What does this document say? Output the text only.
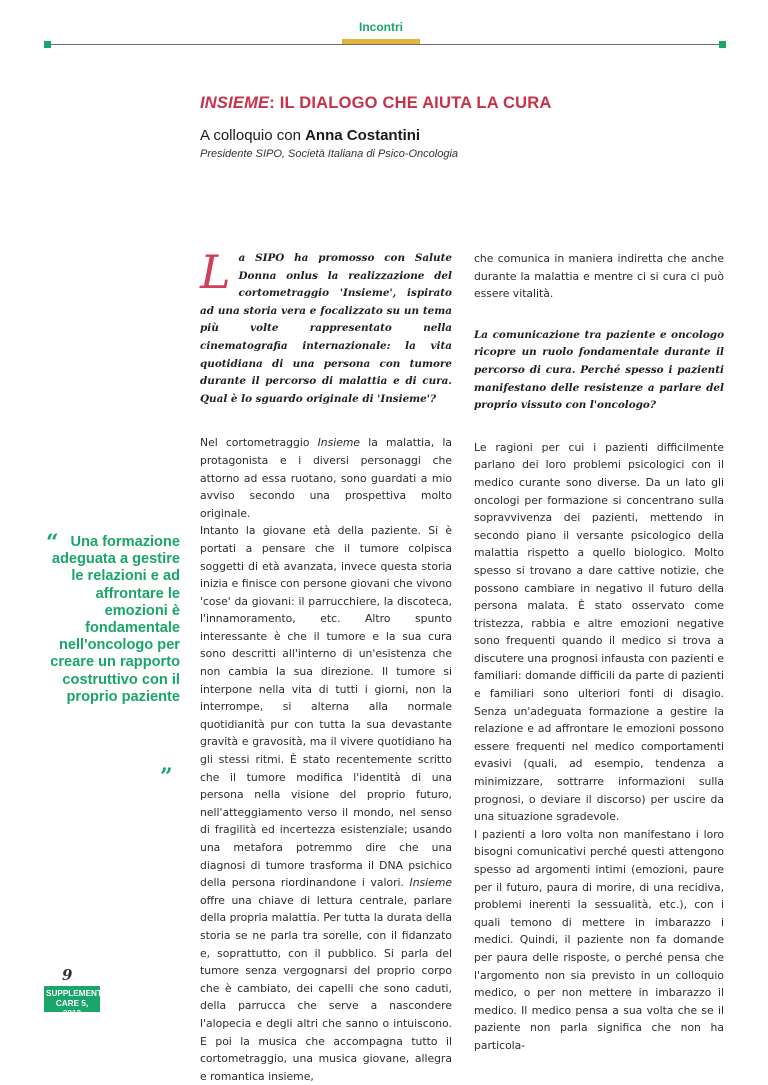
Incontri
INSIEME: IL DIALOGO CHE AIUTA LA CURA
A colloquio con Anna Costantini
Presidente SIPO, Società Italiana di Psico-Oncologia
La SIPO ha promosso con Salute Donna onlus la realizzazione del cortometraggio 'Insieme', ispirato ad una storia vera e focalizzato su un tema più volte rappresentato nella cinematografia internazionale: la vita quotidiana di una persona con tumore durante il percorso di malattia e di cura. Qual è lo sguardo originale di 'Insieme'?

Nel cortometraggio Insieme la malattia, la protagonista e i diversi personaggi che attorno ad essa ruotano, sono guardati a mio avviso secondo una prospettiva molto originale.

Intanto la giovane età della paziente. Si è portati a pensare che il tumore colpisca soggetti di età avanzata, invece questa storia inizia e finisce con persone giovani che vivono 'cose' da giovani: il parrucchiere, la discoteca, l'innamoramento, etc. Altro spunto interessante è che il tumore e la sua cura sono descritti all'interno di un'esistenza che non cambia la sua direzione. Il tumore si interpone nella vita di tutti i giorni, non la interrompe, si alterna alla normale quotidianità pur con tutta la sua devastante gravità e gravosità, ma il vivere quotidiano ha gli stessi ritmi. È stato recentemente scritto che il tumore modifica l'identità di una persona nella visione del proprio futuro, nell'atteggiamento verso il mondo, nel senso di fragilità ed incertezza esistenziale; usando una metafora potremmo dire che una diagnosi di tumore trasforma il DNA psichico della persona riordinandone i valori. Insieme offre una chiave di lettura centrale, parlare della propria malattia. Per tutta la durata della storia se ne parla tra sorelle, con il fidanzato e, soprattutto, con il pubblico. Si parla del tumore senza vergognarsi del proprio corpo che è cambiato, dei capelli che sono caduti, della parrucca che serve a nascondere l'alopecia e degli altri che sanno o intuiscono. E poi la musica che accompagna tutto il cortometraggio, una musica giovane, allegra e romantica insieme,

che comunica in maniera indiretta che anche durante la malattia e mentre ci si cura ci può essere vitalità.

La comunicazione tra paziente e oncologo ricopre un ruolo fondamentale durante il percorso di cura. Perché spesso i pazienti manifestano delle resistenze a parlare del proprio vissuto con l'oncologo?

Le ragioni per cui i pazienti difficilmente parlano dei loro problemi psicologici con il medico curante sono diverse. Da un lato gli oncologi per formazione si concentrano sulla sopravvivenza dei pazienti, mettendo in secondo piano il versante psicologico della malattia rispetto a quello biologico. Molto spesso si trovano a dare cattive notizie, che possono cambiare in negativo il futuro della persona malata. È stato osservato come tristezza, rabbia e altre emozioni negative sono frequenti quando il medico si trova a discutere una prognosi infausta con pazienti e familiari: domande difficili da parte di pazienti e familiari sono ulteriori fonti di disagio. Senza un'adeguata formazione a gestire la relazione e ad affrontare le emozioni possono essere frequenti nel medico comportamenti evasivi (quali, ad esempio, tendenza a minimizzare, sottrarre informazioni sulla prognosi, o deviare il discorso) per uscire da una situazione sgradevole.

I pazienti a loro volta non manifestano i loro bisogni comunicativi perché questi attengono spesso ad argomenti intimi (emozioni, paure per il futuro, paura di morire, di una recidiva, problemi inerenti la sessualità, etc.), con i quali temono di mettere in imbarazzo i medici. Quindi, il paziente non fa domande per paura delle risposte, o perché pensa che l'argomento non sia previsto in un colloquio medico, o per non mettere in imbarazzo il medico. Il medico pensa a sua volta che se il paziente non parla significa che non ha particola-

“ Una formazione adeguata a gestire le relazioni e ad affrontare le emozioni è fondamentale nell'oncologo per creare un rapporto costruttivo con il proprio paziente
”
9
SUPPLEMENTO
CARE 5, 2013
